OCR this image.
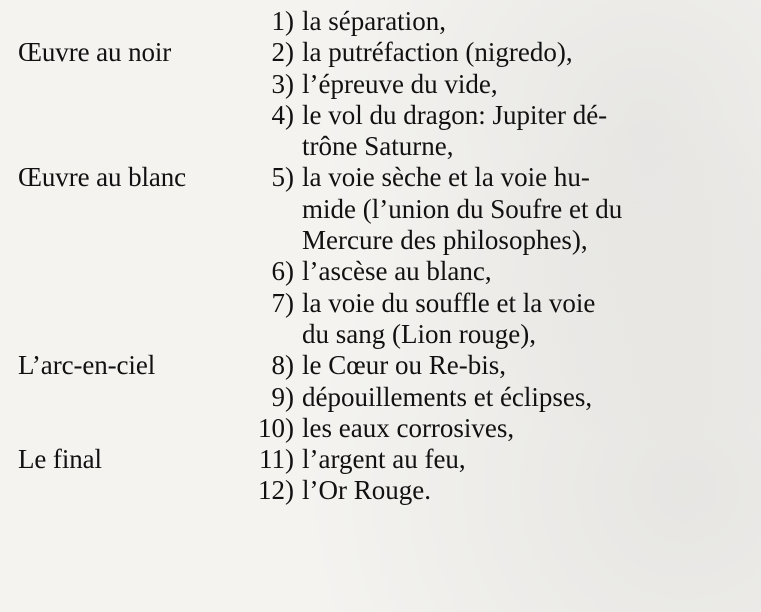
1) la séparation,
Œuvre au noir	2) la putréfaction (nigredo),
3) l’épreuve du vide,
4) le vol du dragon: Jupiter dé-
trône Saturne,
Œuvre au blanc	5) la voie sèche et la voie hu-
mide (l’union du Soufre et du
Mercure des philosophes),
6) l’ascèse au blanc,
7) la voie du souffle et la voie
du sang (Lion rouge),
L’arc-en-ciel	8) le Cœur ou Re-bis,
9) dépouillements et éclipses,
10) les eaux corrosives,
Le final	11) l’argent au feu,
12) l’Or Rouge.
